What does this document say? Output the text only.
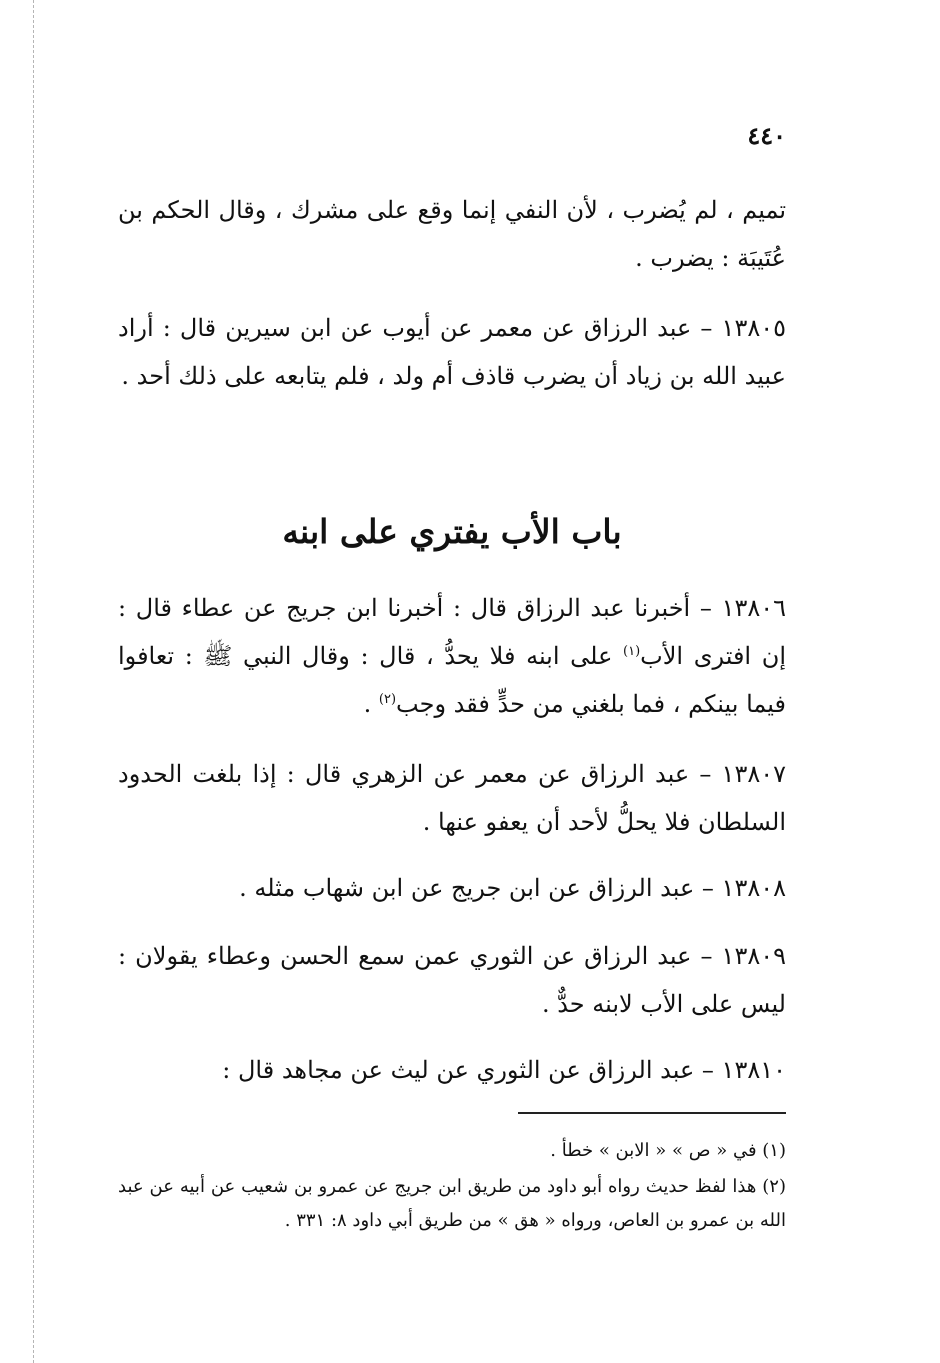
٤٤٠

تميم ، لم يُضرب ، لأن النفي إنما وقع على مشرك ، وقال الحكم بن عُتَيبَة : يضرب .

١٣٨٠٥ – عبد الرزاق عن معمر عن أيوب عن ابن سيرين قال : أراد عبيد الله بن زياد أن يضرب قاذف أم ولد ، فلم يتابعه على ذلك أحد .

باب الأب يفتري على ابنه

١٣٨٠٦ – أخبرنا عبد الرزاق قال : أخبرنا ابن جريج عن عطاء قال : إن افترى الأب$^{(١)}$ على ابنه فلا يحدُّ ، قال : وقال النبي ﷺ : تعافوا فيما بينكم ، فما بلغني من حدٍّ فقد وجب$^{(٢)}$ .

١٣٨٠٧ – عبد الرزاق عن معمر عن الزهري قال : إذا بلغت الحدود السلطان فلا يحلُّ لأحد أن يعفو عنها .

١٣٨٠٨ – عبد الرزاق عن ابن جريج عن ابن شهاب مثله .

١٣٨٠٩ – عبد الرزاق عن الثوري عمن سمع الحسن وعطاء يقولان : ليس على الأب لابنه حدٌّ .

١٣٨١٠ – عبد الرزاق عن الثوري عن ليث عن مجاهد قال :

(١) في « ص » « الابن » خطأ .

(٢) هذا لفظ حديث رواه أبو داود من طريق ابن جريج عن عمرو بن شعيب عن أبيه عن عبد الله بن عمرو بن العاص، ورواه « هق » من طريق أبي داود ٨: ٣٣١ .
